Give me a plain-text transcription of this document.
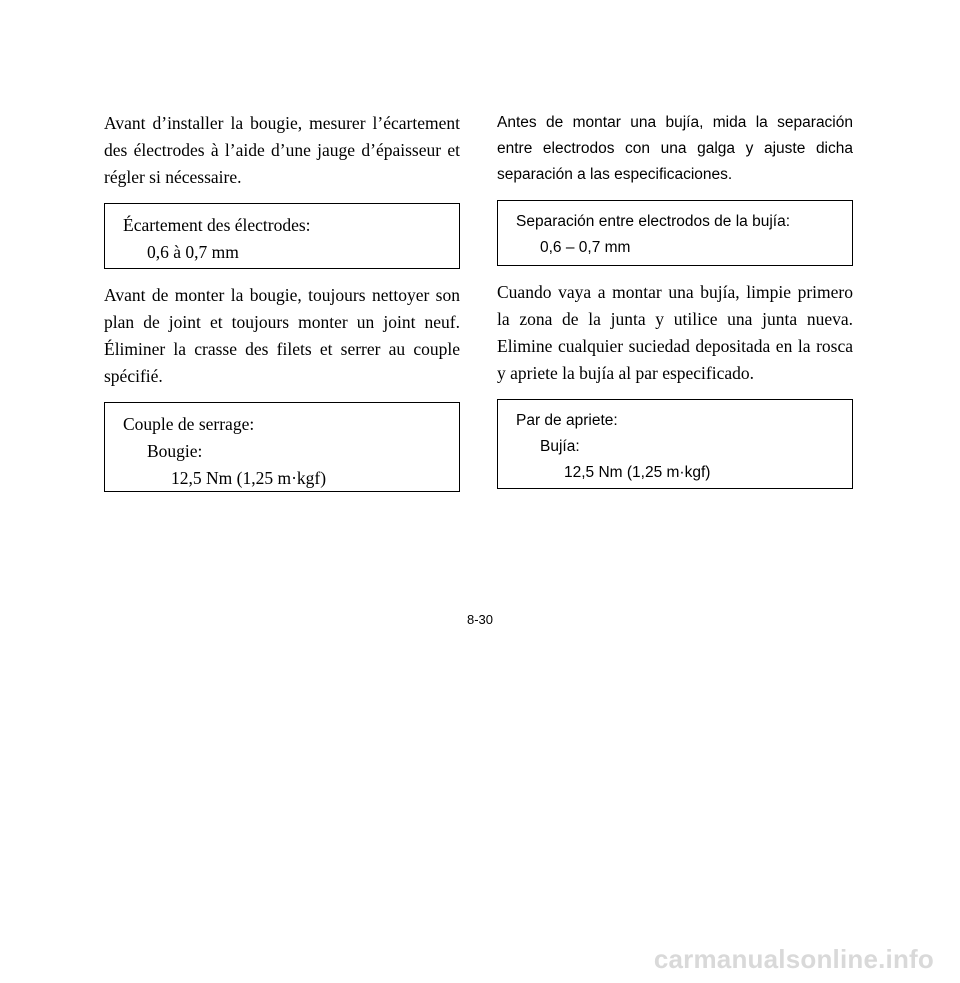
Avant d’installer la bougie, mesurer l’écartement des électrodes à l’aide d’une jauge d’épaisseur et régler si nécessaire.

Écartement des électrodes:
0,6 à 0,7 mm

Avant de monter la bougie, toujours nettoyer son plan de joint et toujours monter un joint neuf. Éliminer la crasse des filets et serrer au couple spécifié.

Couple de serrage:
Bougie:
12,5 Nm (1,25 m·kgf)

Antes de montar una bujía, mida la separación entre electrodos con una galga y ajuste dicha separación a las especificaciones.

Separación entre electrodos de la bujía:
0,6 – 0,7 mm

Cuando vaya a montar una bujía, limpie primero la zona de la junta y utilice una junta nueva. Elimine cualquier suciedad depositada en la rosca y apriete la bujía al par especificado.

Par de apriete:
Bujía:
12,5 Nm (1,25 m·kgf)
8-30
carmanualsonline.info
